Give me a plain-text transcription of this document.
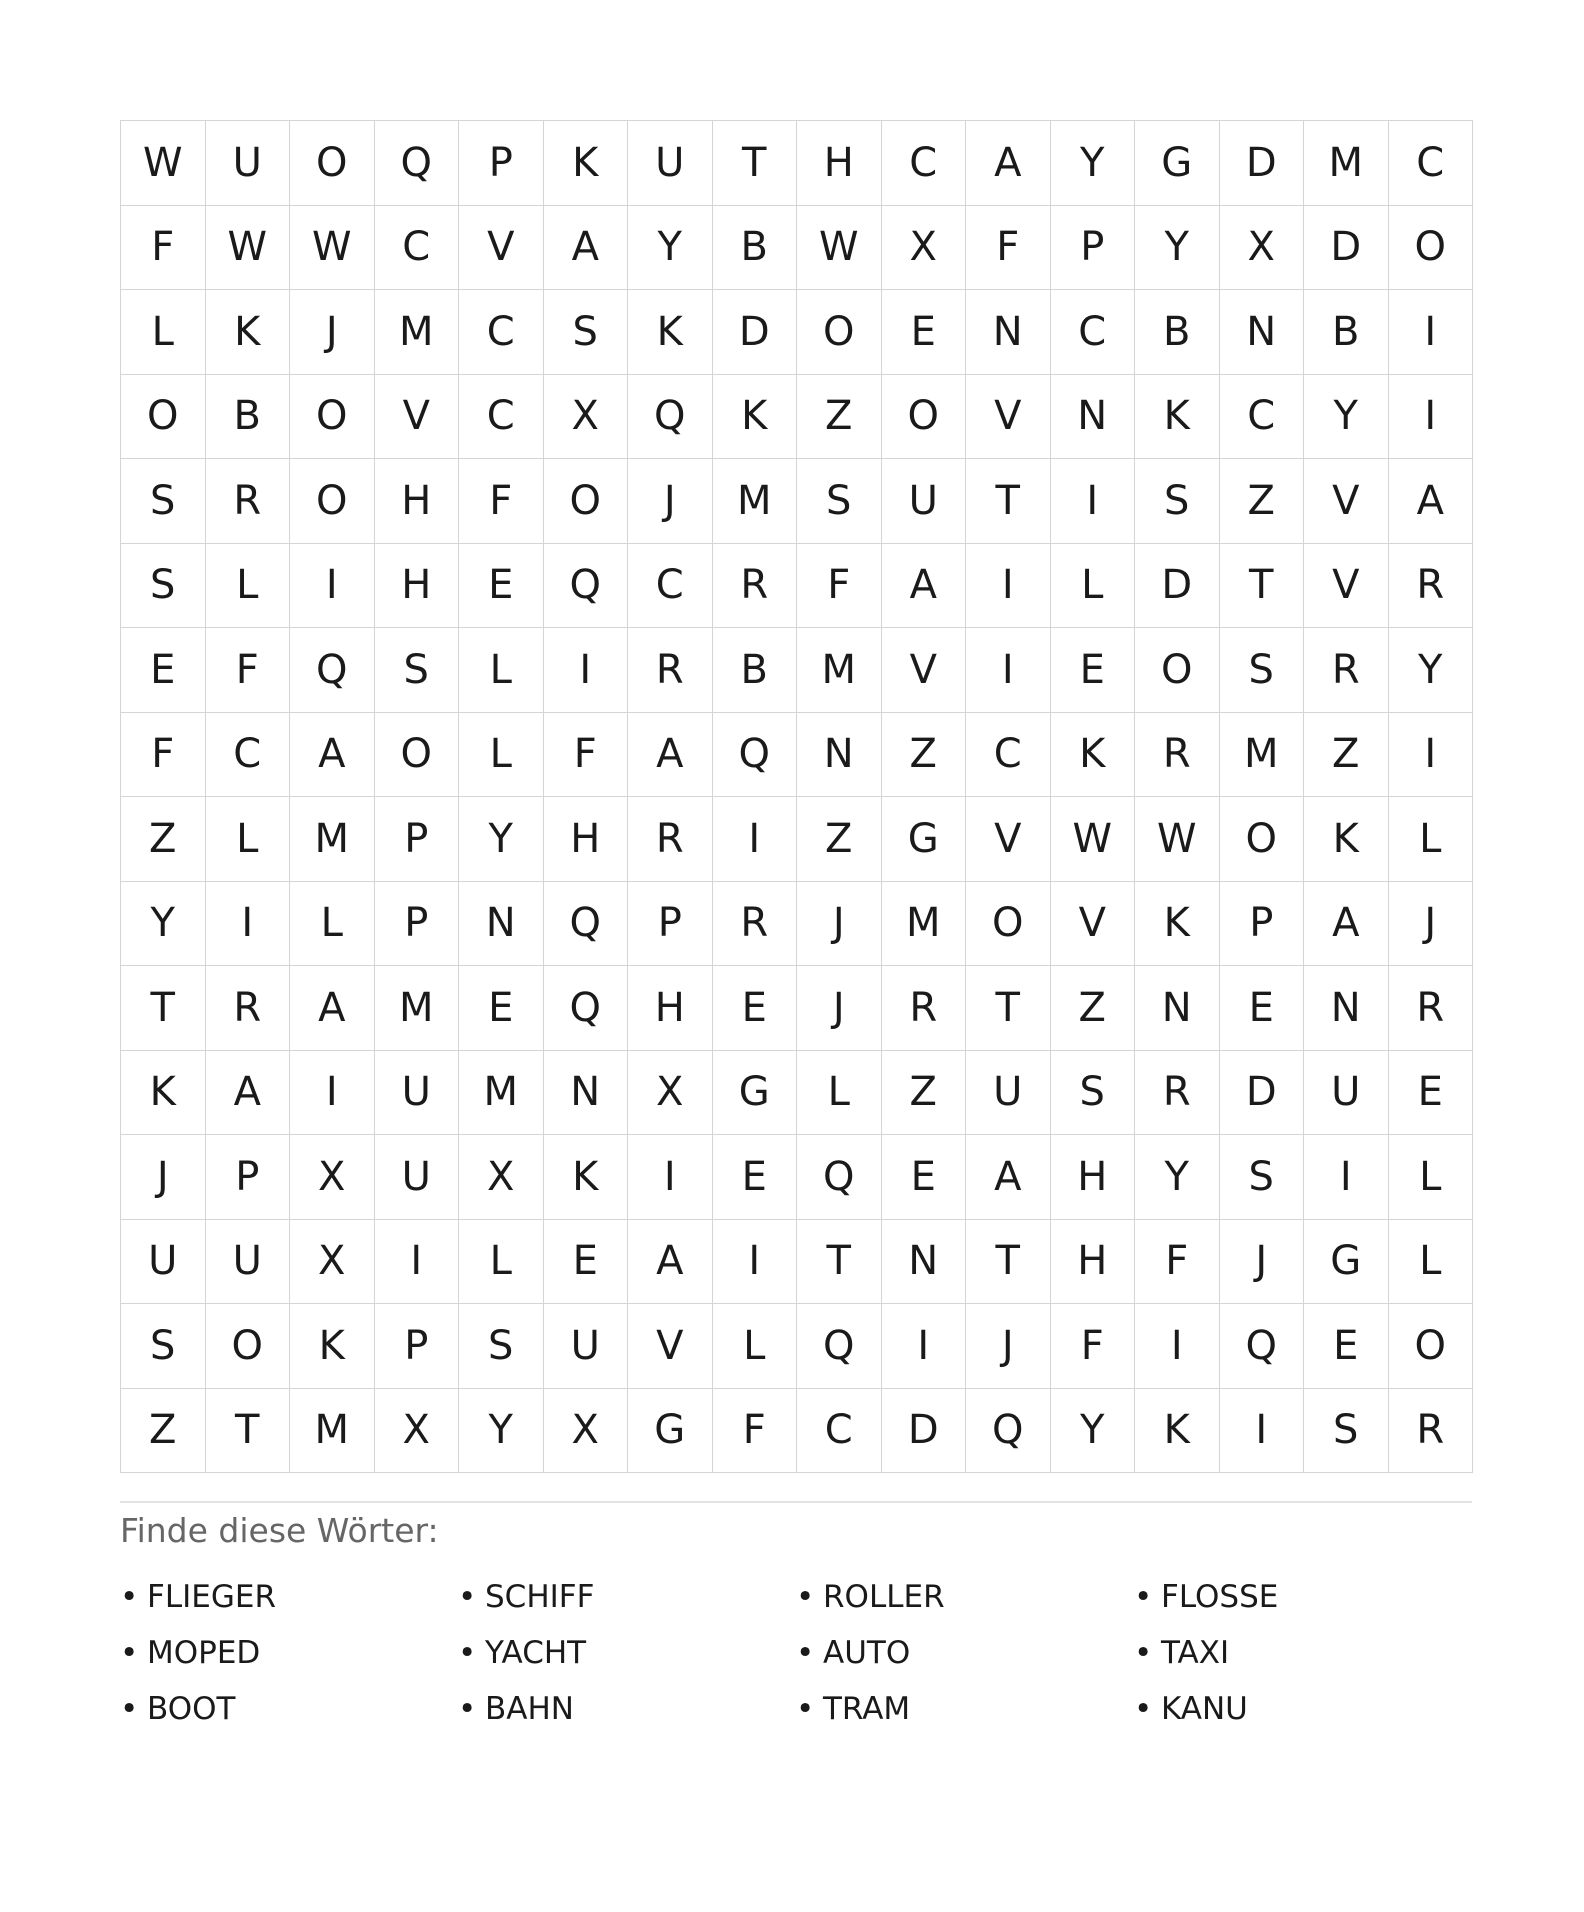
W	U	O	Q	P	K	U	T	H	C	A	Y	G	D	M	C
F	W	W	C	V	A	Y	B	W	X	F	P	Y	X	D	O
L	K	J	M	C	S	K	D	O	E	N	C	B	N	B	I
O	B	O	V	C	X	Q	K	Z	O	V	N	K	C	Y	I
S	R	O	H	F	O	J	M	S	U	T	I	S	Z	V	A
S	L	I	H	E	Q	C	R	F	A	I	L	D	T	V	R
E	F	Q	S	L	I	R	B	M	V	I	E	O	S	R	Y
F	C	A	O	L	F	A	Q	N	Z	C	K	R	M	Z	I
Z	L	M	P	Y	H	R	I	Z	G	V	W	W	O	K	L
Y	I	L	P	N	Q	P	R	J	M	O	V	K	P	A	J
T	R	A	M	E	Q	H	E	J	R	T	Z	N	E	N	R
K	A	I	U	M	N	X	G	L	Z	U	S	R	D	U	E
J	P	X	U	X	K	I	E	Q	E	A	H	Y	S	I	L
U	U	X	I	L	E	A	I	T	N	T	H	F	J	G	L
S	O	K	P	S	U	V	L	Q	I	J	F	I	Q	E	O
Z	T	M	X	Y	X	G	F	C	D	Q	Y	K	I	S	R
Finde diese Wörter:
• FLIEGER	• SCHIFF	• ROLLER	• FLOSSE
• MOPED	• YACHT	• AUTO	• TAXI
• BOOT	• BAHN	• TRAM	• KANU
